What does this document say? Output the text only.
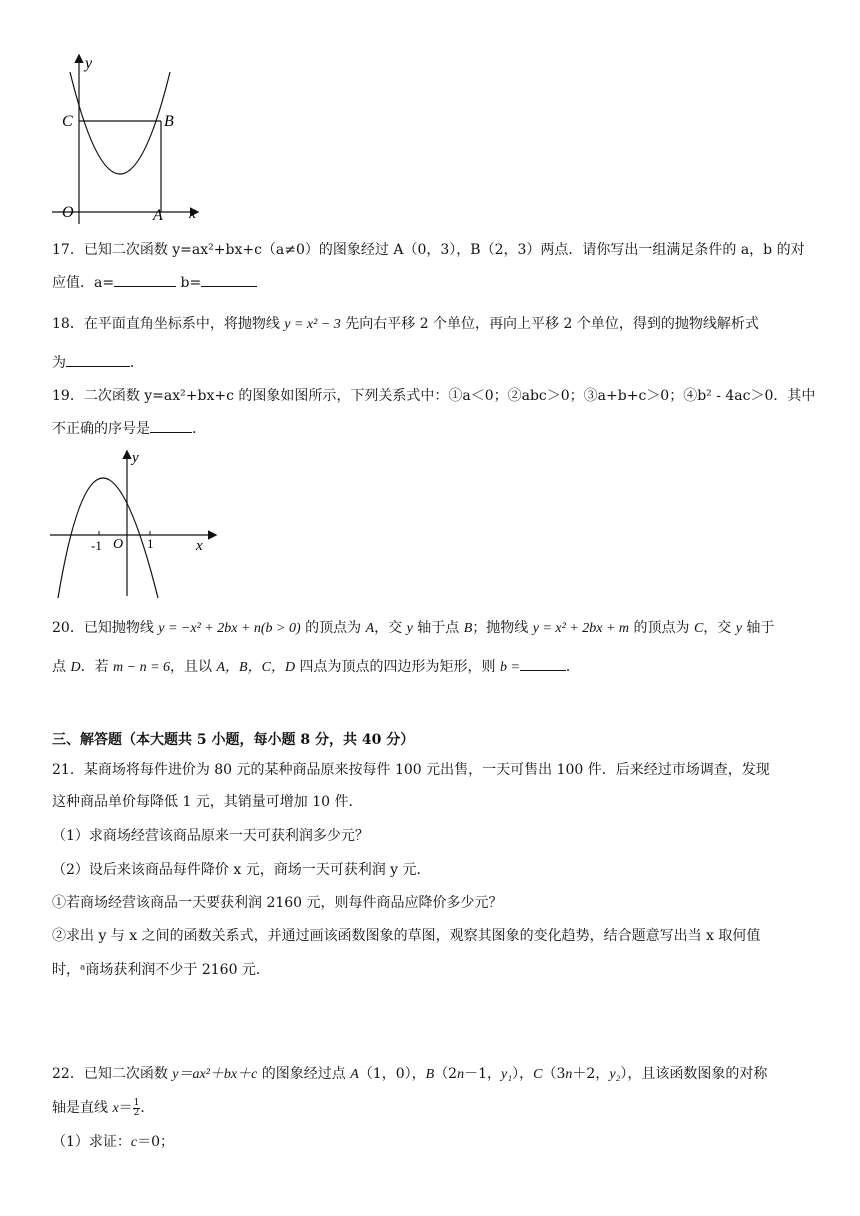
y
C	B
O	A x
17．已知二次函数 y=ax²+bx+c（a≠0）的图象经过 A（0，3），B（2，3）两点．请你写出一组满足条件的 a，b 的对
应值．a=	b=
18．在平面直角坐标系中，将抛物线 y = x² − 3 先向右平移 2 个单位，再向上平移 2 个单位，得到的抛物线解析式
为	．
19．二次函数 y=ax²+bx+c 的图象如图所示，下列关系式中：①a＜0；②abc＞0；③a+b+c＞0；④b² - 4ac＞0．其中
不正确的序号是	．
y
-1 O 1	x
20．已知抛物线 y = −x² + 2bx + n(b > 0) 的顶点为 A，交 y 轴于点 B；抛物线 y = x² + 2bx + m 的顶点为 C，交 y 轴于
点 D．若 m − n = 6，且以 A，B，C，D 四点为顶点的四边形为矩形，则 b =	．
三、解答题（本大题共 5 小题，每小题 8 分，共 40 分）
21．某商场将每件进价为 80 元的某种商品原来按每件 100 元出售，一天可售出 100 件．后来经过市场调查，发现
这种商品单价每降低 1 元，其销量可增加 10 件．
（1）求商场经营该商品原来一天可获利润多少元？
（2）设后来该商品每件降价 x 元，商场一天可获利润 y 元．
①若商场经营该商品一天要获利润 2160 元，则每件商品应降价多少元？
②求出 y 与 x 之间的函数关系式，并通过画该函数图象的草图，观察其图象的变化趋势，结合题意写出当 x 取何值
时，ᵃ商场获利润不少于 2160 元．
22．已知二次函数 y＝ax²＋bx＋c 的图象经过点 A（1，0），B（2n－1，y₁），C（3n＋2，y₂），且该函数图象的对称
轴是直线 $x= \frac{1}{2}$ ．
（1）求证：c＝0；
